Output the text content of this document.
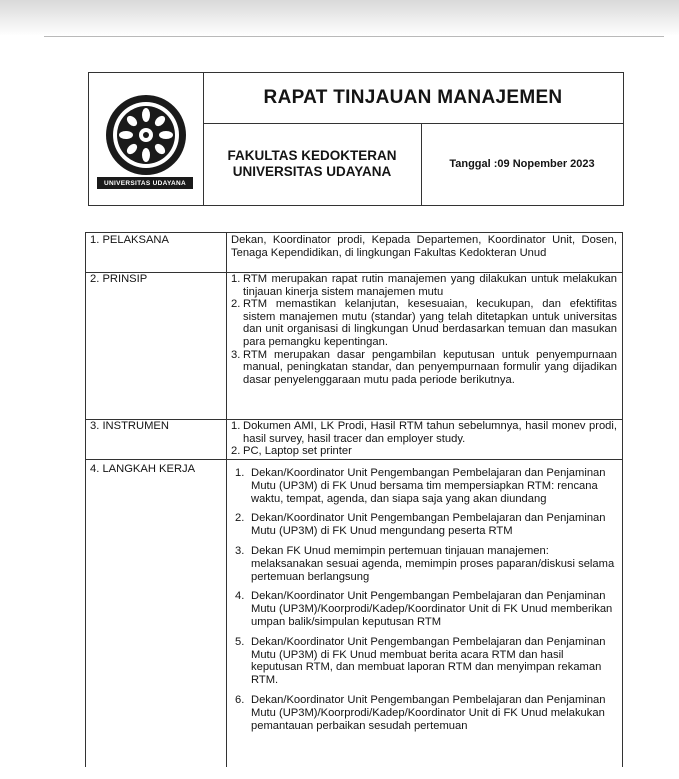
UNIVERSITAS UDAYANA
RAPAT TINJAUAN MANAJEMEN
FAKULTAS KEDOKTERAN
UNIVERSITAS UDAYANA	Tanggal :09 Nopember 2023
1. PELAKSANA	Dekan, Koordinator prodi, Kepada Departemen, Koordinator Unit, Dosen, Tenaga Kependidikan, di lingkungan Fakultas Kedokteran Unud
2. PRINSIP	1. RTM merupakan rapat rutin manajemen yang dilakukan untuk melakukan tinjauan kinerja sistem manajemen mutu
2. RTM memastikan kelanjutan, kesesuaian, kecukupan, dan efektifitas sistem manajemen mutu (standar) yang telah ditetapkan untuk universitas dan unit organisasi di lingkungan Unud berdasarkan temuan dan masukan para pemangku kepentingan.
3. RTM merupakan dasar pengambilan keputusan untuk penyempurnaan manual, peningkatan standar, dan penyempurnaan formulir yang dijadikan dasar penyelenggaraan mutu pada periode berikutnya.
3. INSTRUMEN	1. Dokumen AMI, LK Prodi, Hasil RTM tahun sebelumnya, hasil monev prodi, hasil survey, hasil tracer dan employer study.
2. PC, Laptop set printer
4. LANGKAH KERJA	1. Dekan/Koordinator Unit Pengembangan Pembelajaran dan Penjaminan Mutu (UP3M) di FK Unud bersama tim mempersiapkan RTM: rencana waktu, tempat, agenda, dan siapa saja yang akan diundang
2. Dekan/Koordinator Unit Pengembangan Pembelajaran dan Penjaminan Mutu (UP3M) di FK Unud mengundang peserta RTM
3. Dekan FK Unud memimpin pertemuan tinjauan manajemen: melaksanakan sesuai agenda, memimpin proses paparan/diskusi selama pertemuan berlangsung
4. Dekan/Koordinator Unit Pengembangan Pembelajaran dan Penjaminan Mutu (UP3M)/Koorprodi/Kadep/Koordinator Unit di FK Unud memberikan umpan balik/simpulan keputusan RTM
5. Dekan/Koordinator Unit Pengembangan Pembelajaran dan Penjaminan Mutu (UP3M) di FK Unud membuat berita acara RTM dan hasil keputusan RTM, dan membuat laporan RTM dan menyimpan rekaman RTM.
6. Dekan/Koordinator Unit Pengembangan Pembelajaran dan Penjaminan Mutu (UP3M)/Koorprodi/Kadep/Koordinator Unit di FK Unud melakukan pemantauan perbaikan sesudah pertemuan
